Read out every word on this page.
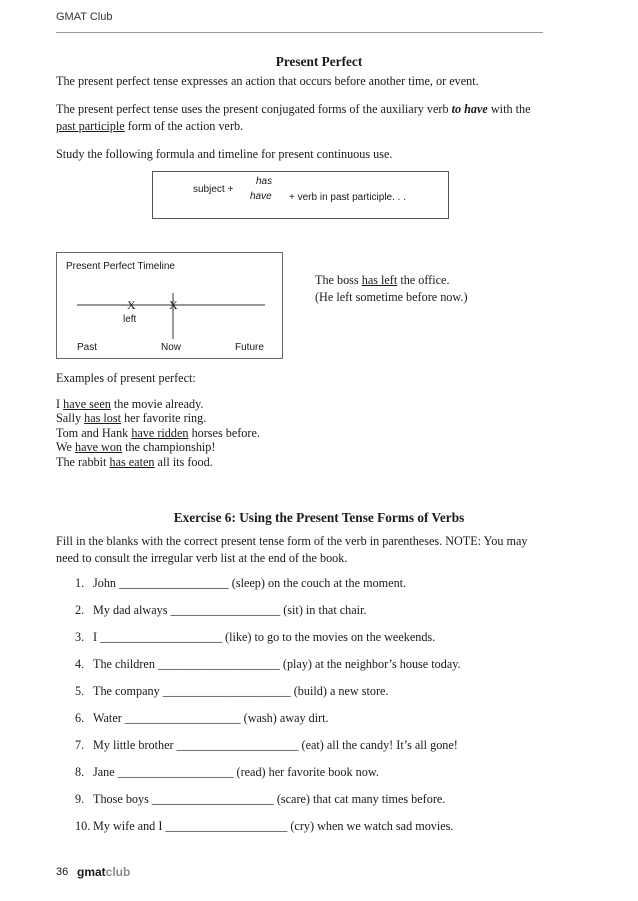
GMAT Club
Present Perfect
The present perfect tense expresses an action that occurs before another time, or event.
The present perfect tense uses the present conjugated forms of the auxiliary verb to have with the
past participle form of the action verb.
Study the following formula and timeline for present continuous use.
subject +
has
have + verb in past participle. . .
Present Perfect Timeline
X	X
left
Past	Now	Future
The boss has left the office.
(He left sometime before now.)
Examples of present perfect:
I have seen the movie already.
Sally has lost her favorite ring.
Tom and Hank have ridden horses before.
We have won the championship!
The rabbit has eaten all its food.
Exercise 6: Using the Present Tense Forms of Verbs
Fill in the blanks with the correct present tense form of the verb in parentheses. NOTE: You may
need to consult the irregular verb list at the end of the book.
1. John __________________ (sleep) on the couch at the moment.
2. My dad always __________________ (sit) in that chair.
3. I ____________________ (like) to go to the movies on the weekends.
4. The children ____________________ (play) at the neighbor’s house today.
5. The company _____________________ (build) a new store.
6. Water ___________________ (wash) away dirt.
7. My little brother ____________________ (eat) all the candy! It’s all gone!
8. Jane ___________________ (read) her favorite book now.
9. Those boys ____________________ (scare) that cat many times before.
10. My wife and I ____________________ (cry) when we watch sad movies.
36 gmatclub
